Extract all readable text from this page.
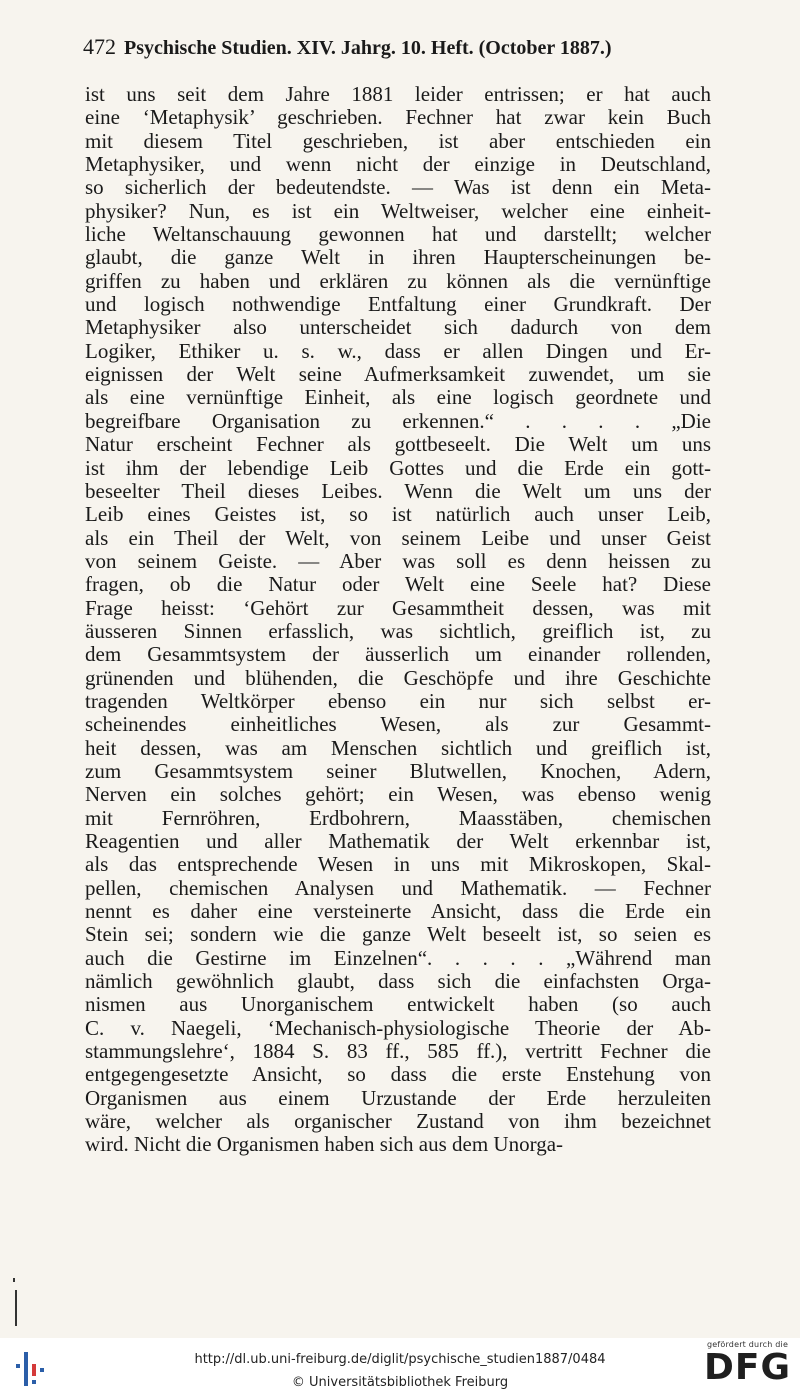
472 Psychische Studien. XIV. Jahrg. 10. Heft. (October 1887.)
ist uns seit dem Jahre 1881 leider entrissen; er hat auch
eine ‘Metaphysik’ geschrieben. Fechner hat zwar kein Buch
mit diesem Titel geschrieben, ist aber entschieden ein
Metaphysiker, und wenn nicht der einzige in Deutschland,
so sicherlich der bedeutendste. — Was ist denn ein Meta-
physiker? Nun, es ist ein Weltweiser, welcher eine einheit-
liche Weltanschauung gewonnen hat und darstellt; welcher
glaubt, die ganze Welt in ihren Haupterscheinungen be-
griffen zu haben und erklären zu können als die vernünftige
und logisch nothwendige Entfaltung einer Grundkraft. Der
Metaphysiker also unterscheidet sich dadurch von dem
Logiker, Ethiker u. s. w., dass er allen Dingen und Er-
eignissen der Welt seine Aufmerksamkeit zuwendet, um sie
als eine vernünftige Einheit, als eine logisch geordnete und
begreifbare Organisation zu erkennen.“ . . . . „Die
Natur erscheint Fechner als gottbeseelt. Die Welt um uns
ist ihm der lebendige Leib Gottes und die Erde ein gott-
beseelter Theil dieses Leibes. Wenn die Welt um uns der
Leib eines Geistes ist, so ist natürlich auch unser Leib,
als ein Theil der Welt, von seinem Leibe und unser Geist
von seinem Geiste. — Aber was soll es denn heissen zu
fragen, ob die Natur oder Welt eine Seele hat? Diese
Frage heisst: ‘Gehört zur Gesammtheit dessen, was mit
äusseren Sinnen erfasslich, was sichtlich, greiflich ist, zu
dem Gesammtsystem der äusserlich um einander rollenden,
grünenden und blühenden, die Geschöpfe und ihre Geschichte
tragenden Weltkörper ebenso ein nur sich selbst er-
scheinendes einheitliches Wesen, als zur Gesammt-
heit dessen, was am Menschen sichtlich und greiflich ist,
zum Gesammtsystem seiner Blutwellen, Knochen, Adern,
Nerven ein solches gehört; ein Wesen, was ebenso wenig
mit Fernröhren, Erdbohrern, Maasstäben, chemischen
Reagentien und aller Mathematik der Welt erkennbar ist,
als das entsprechende Wesen in uns mit Mikroskopen, Skal-
pellen, chemischen Analysen und Mathematik. — Fechner
nennt es daher eine versteinerte Ansicht, dass die Erde ein
Stein sei; sondern wie die ganze Welt beseelt ist, so seien es
auch die Gestirne im Einzelnen“. . . . . „Während man
nämlich gewöhnlich glaubt, dass sich die einfachsten Orga-
nismen aus Unorganischem entwickelt haben (so auch
C. v. Naegeli, ‘Mechanisch-physiologische Theorie der Ab-
stammungslehre‘, 1884 S. 83 ff., 585 ff.), vertritt Fechner die
entgegengesetzte Ansicht, so dass die erste Enstehung von
Organismen aus einem Urzustande der Erde herzuleiten
wäre, welcher als organischer Zustand von ihm bezeichnet
wird. Nicht die Organismen haben sich aus dem Unorga-
http://dl.ub.uni-freiburg.de/diglit/psychische_studien1887/0484
© Universitätsbibliothek Freiburg
gefördert durch die
DFG
